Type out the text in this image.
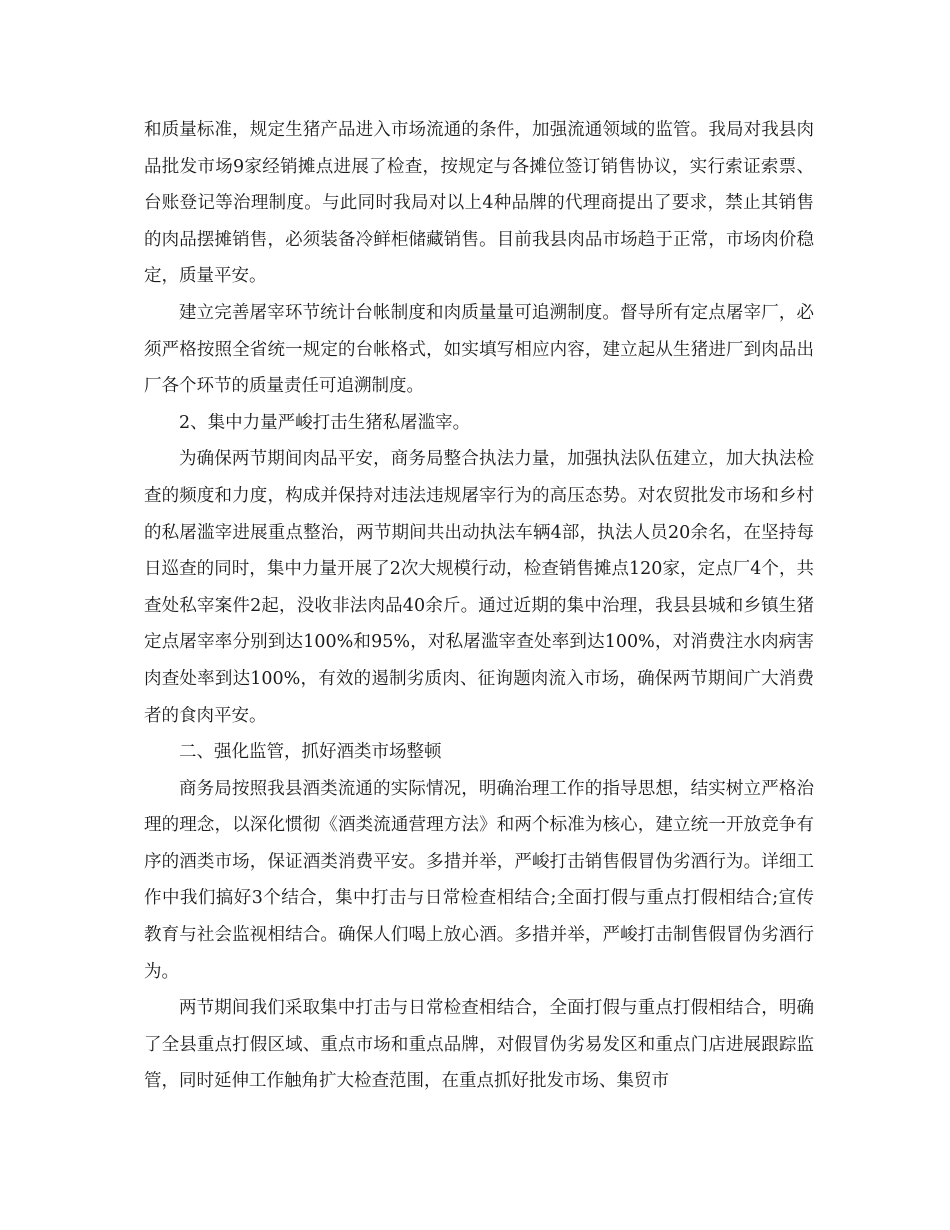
和质量标准，规定生猪产品进入市场流通的条件，加强流通领域的监管。我局对我县肉品批发市场9家经销摊点进展了检查，按规定与各摊位签订销售协议，实行索证索票、台账登记等治理制度。与此同时我局对以上4种品牌的代理商提出了要求，禁止其销售的肉品摆摊销售，必须装备冷鲜柜储藏销售。目前我县肉品市场趋于正常，市场肉价稳定，质量平安。

建立完善屠宰环节统计台帐制度和肉质量量可追溯制度。督导所有定点屠宰厂，必须严格按照全省统一规定的台帐格式，如实填写相应内容，建立起从生猪进厂到肉品出厂各个环节的质量责任可追溯制度。

2、集中力量严峻打击生猪私屠滥宰。

为确保两节期间肉品平安，商务局整合执法力量，加强执法队伍建立，加大执法检查的频度和力度，构成并保持对违法违规屠宰行为的高压态势。对农贸批发市场和乡村的私屠滥宰进展重点整治，两节期间共出动执法车辆4部，执法人员20余名，在坚持每日巡查的同时，集中力量开展了2次大规模行动，检查销售摊点120家，定点厂4个，共查处私宰案件2起，没收非法肉品40余斤。通过近期的集中治理，我县县城和乡镇生猪定点屠宰率分别到达100%和95%，对私屠滥宰查处率到达100%，对消费注水肉病害肉查处率到达100%，有效的遏制劣质肉、征询题肉流入市场，确保两节期间广大消费者的食肉平安。

二、强化监管，抓好酒类市场整顿

商务局按照我县酒类流通的实际情况，明确治理工作的指导思想，结实树立严格治理的理念，以深化惯彻《酒类流通营理方法》和两个标准为核心，建立统一开放竞争有序的酒类市场，保证酒类消费平安。多措并举，严峻打击销售假冒伪劣酒行为。详细工作中我们搞好3个结合，集中打击与日常检查相结合;全面打假与重点打假相结合;宣传教育与社会监视相结合。确保人们喝上放心酒。多措并举，严峻打击制售假冒伪劣酒行为。

两节期间我们采取集中打击与日常检查相结合，全面打假与重点打假相结合，明确了全县重点打假区域、重点市场和重点品牌，对假冒伪劣易发区和重点门店进展跟踪监管，同时延伸工作触角扩大检查范围，在重点抓好批发市场、集贸市
